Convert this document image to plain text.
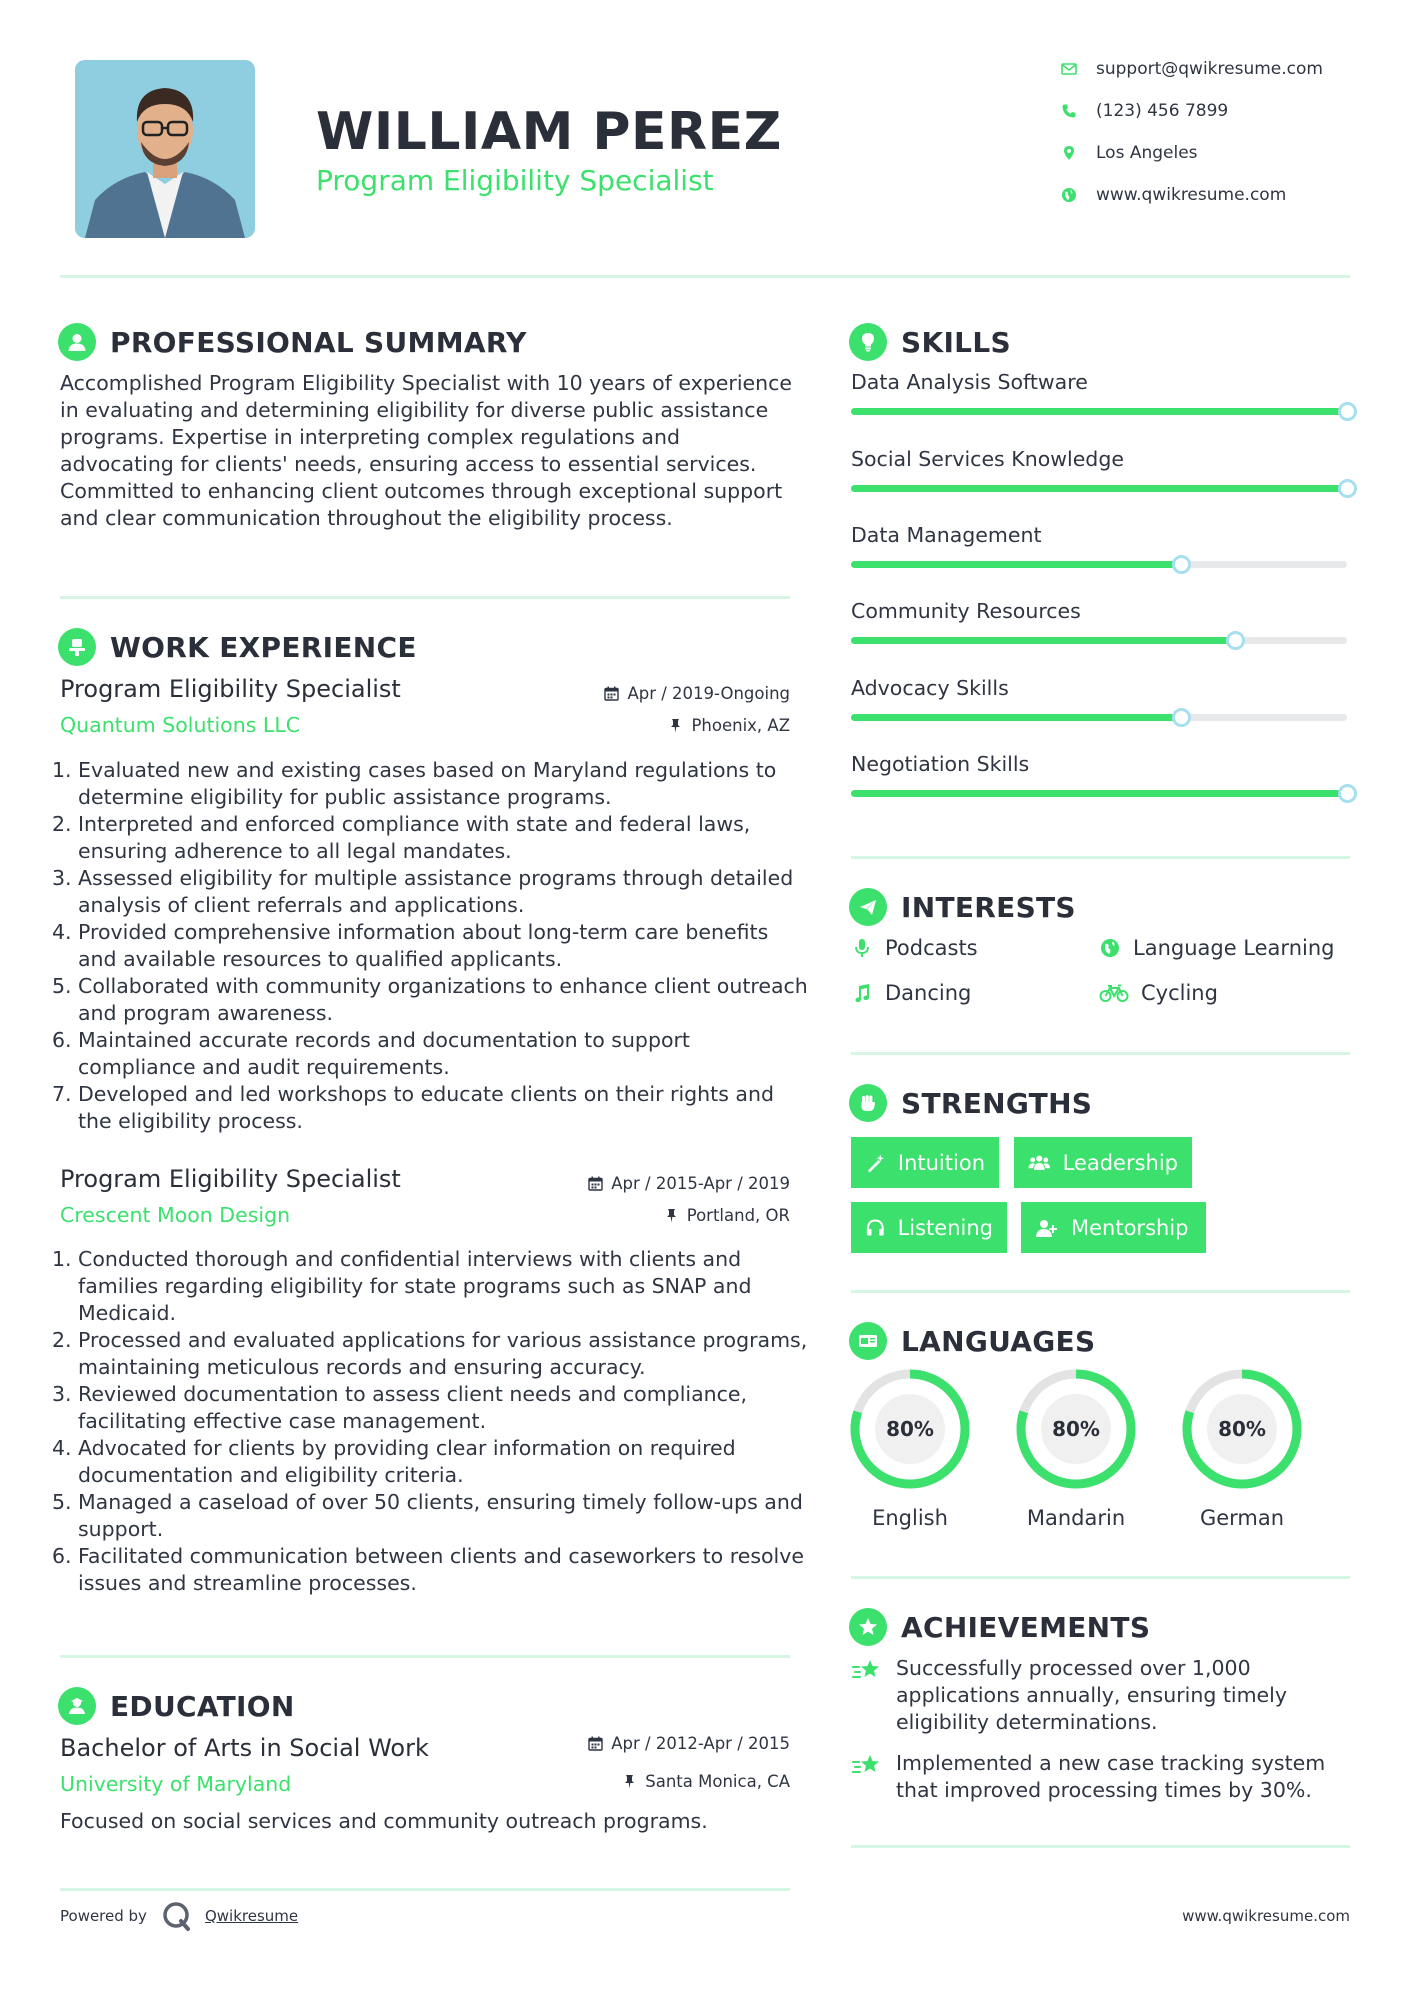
WILLIAM PEREZ
Program Eligibility Specialist
support@qwikresume.com
(123) 456 7899
Los Angeles
www.qwikresume.com
PROFESSIONAL SUMMARY
Accomplished Program Eligibility Specialist with 10 years of experience in evaluating and determining eligibility for diverse public assistance programs. Expertise in interpreting complex regulations and advocating for clients' needs, ensuring access to essential services. Committed to enhancing client outcomes through exceptional support and clear communication throughout the eligibility process.
WORK EXPERIENCE
Program Eligibility Specialist
Quantum Solutions LLC
Apr / 2019-Ongoing
Phoenix, AZ
1. Evaluated new and existing cases based on Maryland regulations to determine eligibility for public assistance programs.
2. Interpreted and enforced compliance with state and federal laws, ensuring adherence to all legal mandates.
3. Assessed eligibility for multiple assistance programs through detailed analysis of client referrals and applications.
4. Provided comprehensive information about long-term care benefits and available resources to qualified applicants.
5. Collaborated with community organizations to enhance client outreach and program awareness.
6. Maintained accurate records and documentation to support compliance and audit requirements.
7. Developed and led workshops to educate clients on their rights and the eligibility process.
Program Eligibility Specialist
Crescent Moon Design
Apr / 2015-Apr / 2019
Portland, OR
1. Conducted thorough and confidential interviews with clients and families regarding eligibility for state programs such as SNAP and Medicaid.
2. Processed and evaluated applications for various assistance programs, maintaining meticulous records and ensuring accuracy.
3. Reviewed documentation to assess client needs and compliance, facilitating effective case management.
4. Advocated for clients by providing clear information on required documentation and eligibility criteria.
5. Managed a caseload of over 50 clients, ensuring timely follow-ups and support.
6. Facilitated communication between clients and caseworkers to resolve issues and streamline processes.
EDUCATION
Bachelor of Arts in Social Work
University of Maryland
Apr / 2012-Apr / 2015
Santa Monica, CA
Focused on social services and community outreach programs.
SKILLS
Data Analysis Software
Social Services Knowledge
Data Management
Community Resources
Advocacy Skills
Negotiation Skills
INTERESTS
Podcasts	Language Learning
Dancing	Cycling
STRENGTHS
Intuition	Leadership
Listening	Mentorship
LANGUAGES
80%
English
80%
Mandarin
80%
German
ACHIEVEMENTS
Successfully processed over 1,000 applications annually, ensuring timely eligibility determinations.
Implemented a new case tracking system that improved processing times by 30%.
Powered by	Qwikresume	www.qwikresume.com
